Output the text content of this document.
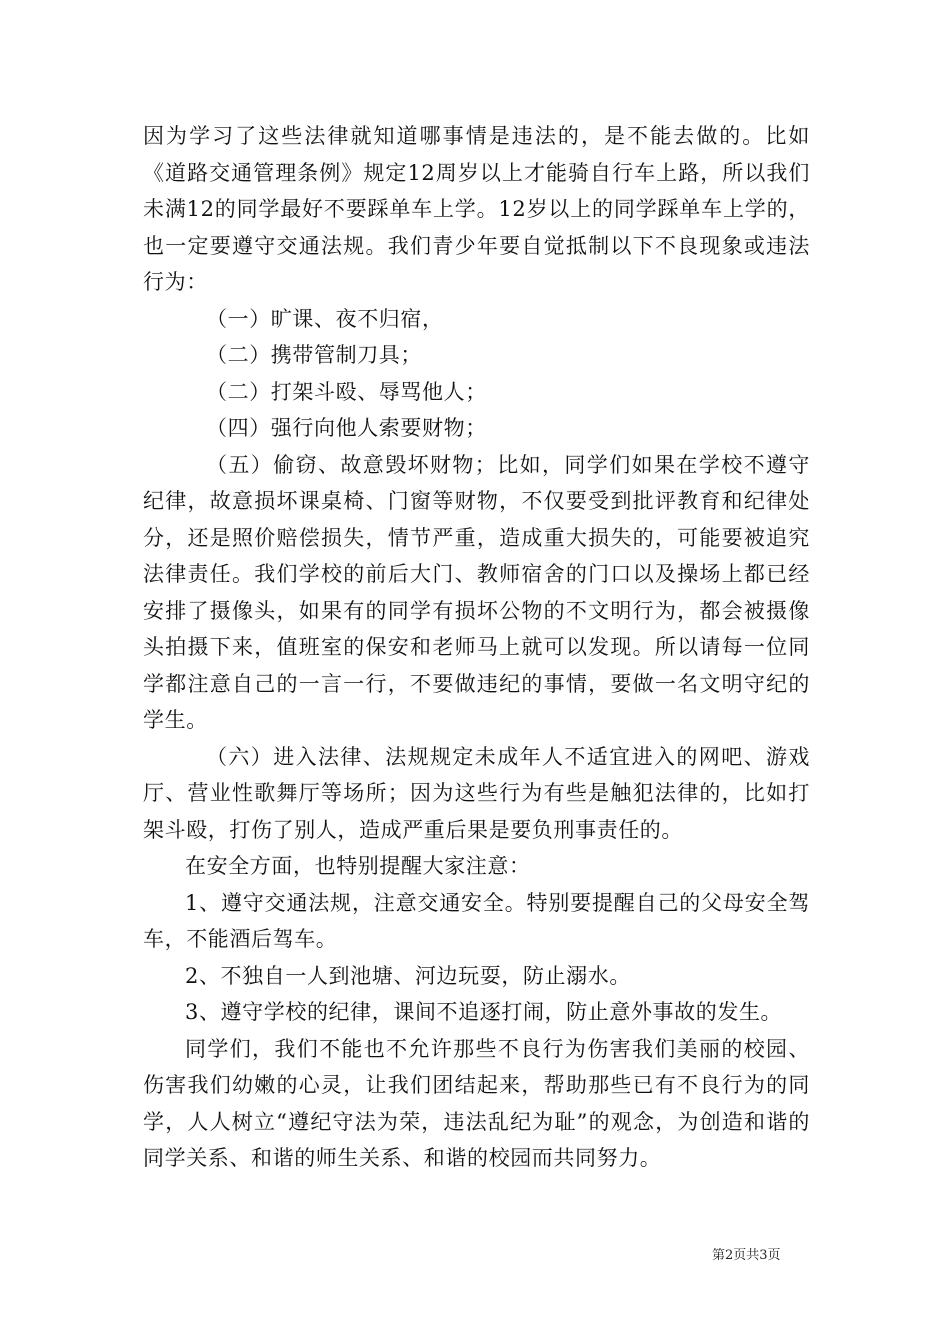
因为学习了这些法律就知道哪事情是违法的，是不能去做的。比如《道路交通管理条例》规定12周岁以上才能骑自行车上路，所以我们未满12的同学最好不要踩单车上学。12岁以上的同学踩单车上学的，也一定要遵守交通法规。我们青少年要自觉抵制以下不良现象或违法行为：

（一）旷课、夜不归宿，

（二）携带管制刀具；

（二）打架斗殴、辱骂他人；

（四）强行向他人索要财物；

（五）偷窃、故意毁坏财物；比如，同学们如果在学校不遵守纪律，故意损坏课桌椅、门窗等财物，不仅要受到批评教育和纪律处分，还是照价赔偿损失，情节严重，造成重大损失的，可能要被追究法律责任。我们学校的前后大门、教师宿舍的门口以及操场上都已经安排了摄像头，如果有的同学有损坏公物的不文明行为，都会被摄像头拍摄下来，值班室的保安和老师马上就可以发现。所以请每一位同学都注意自己的一言一行，不要做违纪的事情，要做一名文明守纪的学生。

（六）进入法律、法规规定未成年人不适宜进入的网吧、游戏厅、营业性歌舞厅等场所；因为这些行为有些是触犯法律的，比如打架斗殴，打伤了别人，造成严重后果是要负刑事责任的。

在安全方面，也特别提醒大家注意：

1、遵守交通法规，注意交通安全。特别要提醒自己的父母安全驾车，不能酒后驾车。

2、不独自一人到池塘、河边玩耍，防止溺水。

3、遵守学校的纪律，课间不追逐打闹，防止意外事故的发生。

同学们，我们不能也不允许那些不良行为伤害我们美丽的校园、伤害我们幼嫩的心灵，让我们团结起来，帮助那些已有不良行为的同学，人人树立“遵纪守法为荣，违法乱纪为耻”的观念，为创造和谐的同学关系、和谐的师生关系、和谐的校园而共同努力。

第2页共3页
